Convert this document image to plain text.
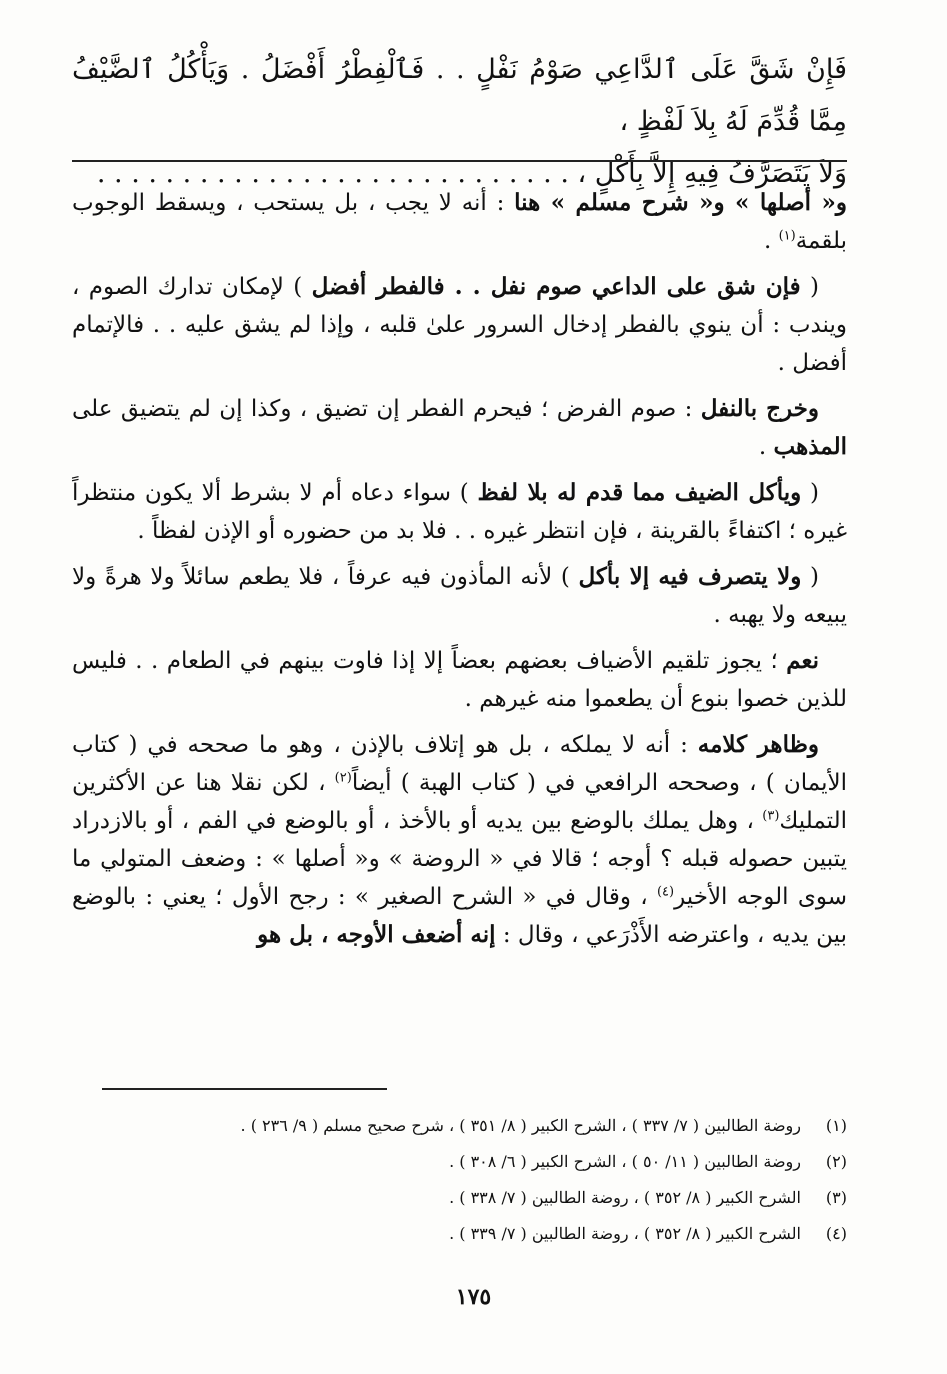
فَإِنْ شَقَّ عَلَى ٱلدَّاعِي صَوْمُ نَفْلٍ . . فَٱلْفِطْرُ أَفْضَلُ . وَيَأْكُلُ ٱلضَّيْفُ مِمَّا قُدِّمَ لَهُ بِلاَ لَفْظٍ ،

وَلاَ يَتَصَرَّفُ فِيهِ إِلاَّ بِأَكْلٍ ، . . . . . . . . . . . . . . . . . . . . . . . . . . . .

و« أصلها » و« شرح مسلم » هنا : أنه لا يجب ، بل يستحب ، ويسقط الوجوب بلقمة$^{(١)}$ .

( فإن شق على الداعي صوم نفل . . فالفطر أفضل ) لإمكان تدارك الصوم ، ويندب : أن ينوي بالفطر إدخال السرور علىٰ قلبه ، وإذا لم يشق عليه . . فالإتمام أفضل .

وخرج بالنفل : صوم الفرض ؛ فيحرم الفطر إن تضيق ، وكذا إن لم يتضيق على المذهب .

( ويأكل الضيف مما قدم له بلا لفظ ) سواء دعاه أم لا بشرط ألا يكون منتظراً غيره ؛ اكتفاءً بالقرينة ، فإن انتظر غيره . . فلا بد من حضوره أو الإذن لفظاً .

( ولا يتصرف فيه إلا بأكل ) لأنه المأذون فيه عرفاً ، فلا يطعم سائلاً ولا هرةً ولا يبيعه ولا يهبه .

نعم ؛ يجوز تلقيم الأضياف بعضهم بعضاً إلا إذا فاوت بينهم في الطعام . . فليس للذين خصوا بنوع أن يطعموا منه غيرهم .

وظاهر كلامه : أنه لا يملكه ، بل هو إتلاف بالإذن ، وهو ما صححه في ( كتاب الأيمان ) ، وصححه الرافعي في ( كتاب الهبة ) أيضاً$^{(٢)}$ ، لكن نقلا هنا عن الأكثرين التمليك$^{(٣)}$ ، وهل يملك بالوضع بين يديه أو بالأخذ ، أو بالوضع في الفم ، أو بالازدراد يتبين حصوله قبله ؟ أوجه ؛ قالا في « الروضة » و« أصلها » : وضعف المتولي ما سوى الوجه الأخير$^{(٤)}$ ، وقال في « الشرح الصغير » : رجح الأول ؛ يعني : بالوضع بين يديه ، واعترضه الأَذْرَعي ، وقال : إنه أضعف الأوجه ، بل هو

(١)
روضة الطالبين ( ٧/ ٣٣٧ ) ، الشرح الكبير ( ٨/ ٣٥١ ) ، شرح صحيح مسلم ( ٩/ ٢٣٦ ) .
(٢)
روضة الطالبين ( ١١/ ٥٠ ) ، الشرح الكبير ( ٦/ ٣٠٨ ) .
(٣)
الشرح الكبير ( ٨/ ٣٥٢ ) ، روضة الطالبين ( ٧/ ٣٣٨ ) .
(٤)
الشرح الكبير ( ٨/ ٣٥٢ ) ، روضة الطالبين ( ٧/ ٣٣٩ ) .
١٧٥
